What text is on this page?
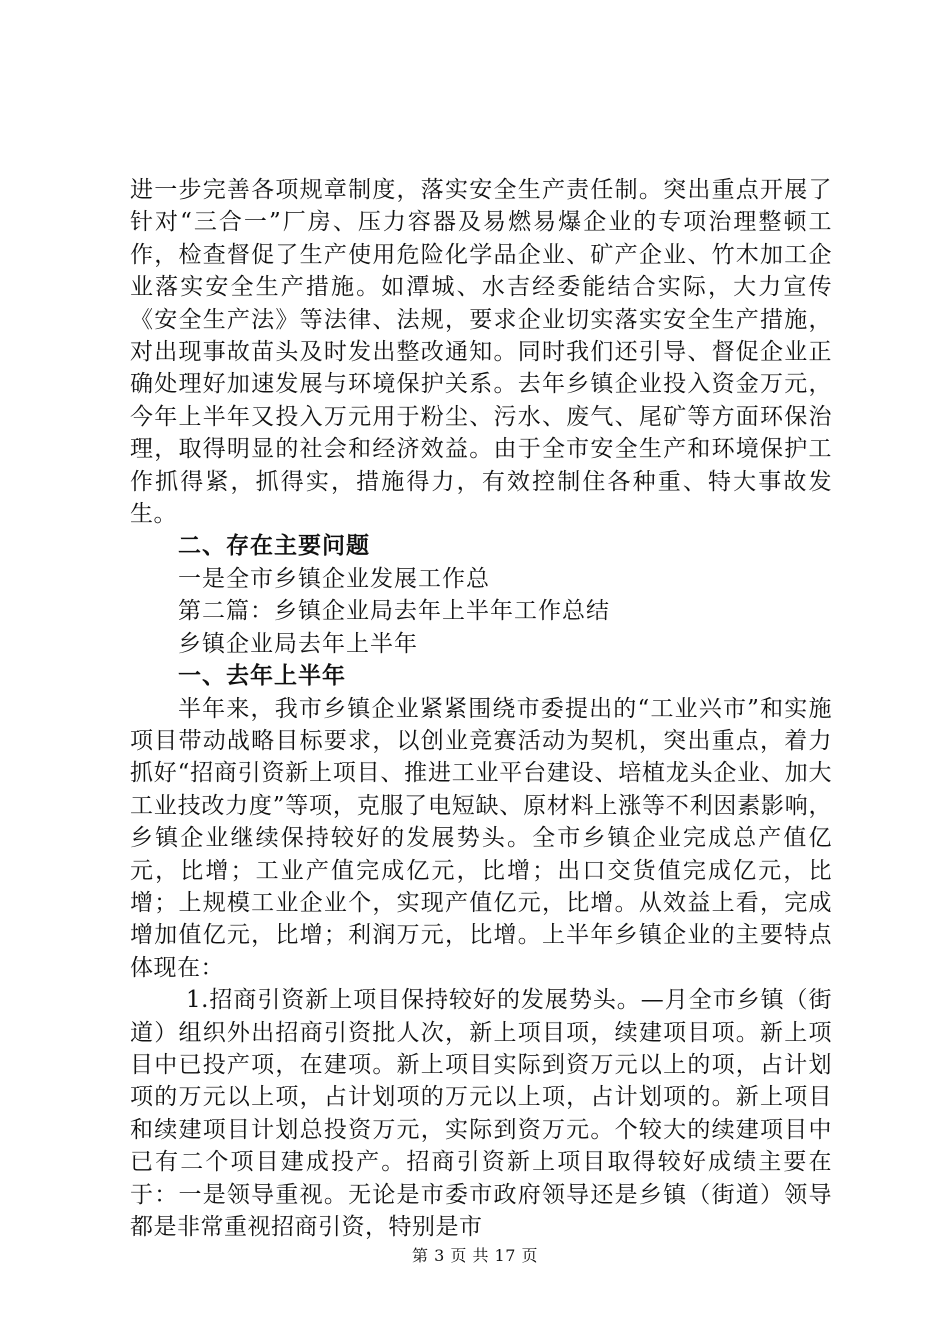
进一步完善各项规章制度，落实安全生产责任制。突出重点开展了针对“三合一”厂房、压力容器及易燃易爆企业的专项治理整顿工作，检查督促了生产使用危险化学品企业、矿产企业、竹木加工企业落实安全生产措施。如潭城、水吉经委能结合实际，大力宣传《安全生产法》等法律、法规，要求企业切实落实安全生产措施，对出现事故苗头及时发出整改通知。同时我们还引导、督促企业正确处理好加速发展与环境保护关系。去年乡镇企业投入资金万元，今年上半年又投入万元用于粉尘、污水、废气、尾矿等方面环保治理，取得明显的社会和经济效益。由于全市安全生产和环境保护工作抓得紧，抓得实，措施得力，有效控制住各种重、特大事故发生。

二、存在主要问题

一是全市乡镇企业发展工作总

第二篇：乡镇企业局去年上半年工作总结

乡镇企业局去年上半年

一、去年上半年

半年来，我市乡镇企业紧紧围绕市委提出的“工业兴市”和实施项目带动战略目标要求，以创业竞赛活动为契机，突出重点，着力抓好“招商引资新上项目、推进工业平台建设、培植龙头企业、加大工业技改力度”等项，克服了电短缺、原材料上涨等不利因素影响，乡镇企业继续保持较好的发展势头。全市乡镇企业完成总产值亿元，比增；工业产值完成亿元，比增；出口交货值完成亿元，比增；上规模工业企业个，实现产值亿元，比增。从效益上看，完成增加值亿元，比增；利润万元，比增。上半年乡镇企业的主要特点体现在：

1.招商引资新上项目保持较好的发展势头。—月全市乡镇（街道）组织外出招商引资批人次，新上项目项，续建项目项。新上项目中已投产项，在建项。新上项目实际到资万元以上的项，占计划项的万元以上项，占计划项的万元以上项，占计划项的。新上项目和续建项目计划总投资万元，实际到资万元。个较大的续建项目中已有二个项目建成投产。招商引资新上项目取得较好成绩主要在于：一是领导重视。无论是市委市政府领导还是乡镇（街道）领导都是非常重视招商引资，特别是市

第 3 页 共 17 页
